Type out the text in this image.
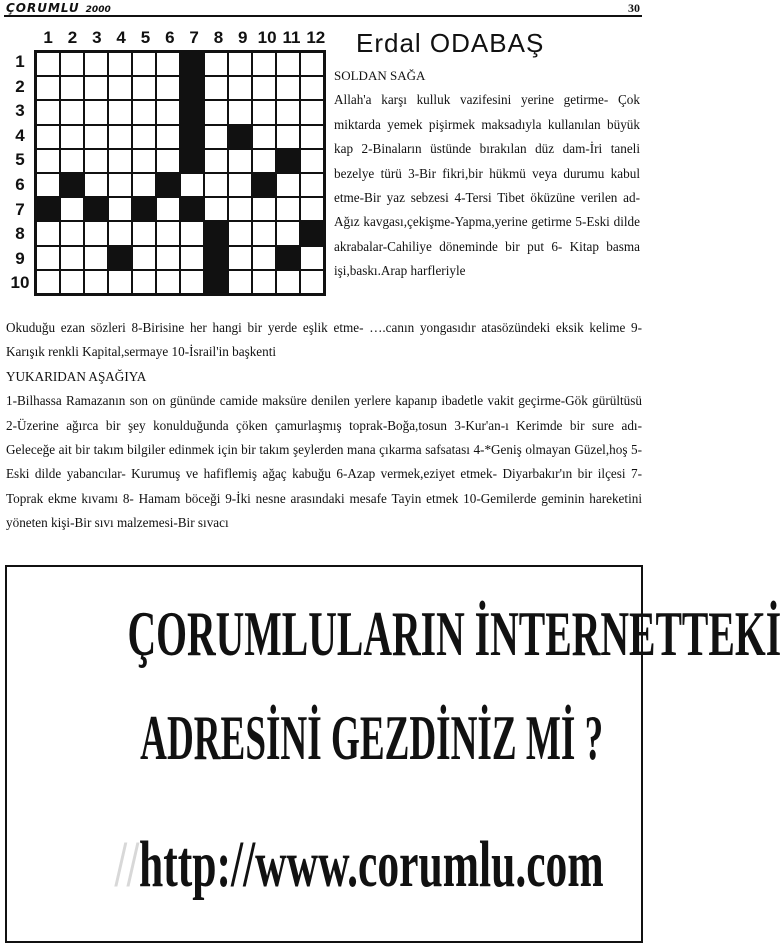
ÇORUMLU 2000	30
1 2 3 4 5 6 7 8 9 10 11 12
1
2
3
4
5
6
7
8
9
10
Erdal ODABAŞ
SOLDAN SAĞA
Allah'a karşı kulluk vazifesini yerine getirme- Çok miktarda yemek pişirmek maksadıyla kullanılan büyük kap 2-Binaların üstünde bırakılan düz dam-İri taneli bezelye türü 3-Bir fikri,bir hükmü veya durumu kabul etme-Bir yaz sebzesi 4-Tersi Tibet öküzüne verilen ad-Ağız kavgası,çekişme-Yapma,yerine getirme 5-Eski dilde akrabalar-Cahiliye döneminde bir put 6- Kitap basma işi,baskı.Arap harfleriyle

Okuduğu ezan sözleri 8-Birisine her hangi bir yerde eşlik etme- ….canın yongasıdır atasözündeki eksik kelime 9-Karışık renkli Kapital,sermaye 10-İsrail'in başkenti

YUKARIDAN AŞAĞIYA

1-Bilhassa Ramazanın son on gününde camide maksüre denilen yerlere kapanıp ibadetle vakit geçirme-Gök gürültüsü 2-Üzerine ağırca bir şey konulduğunda çöken çamurlaşmış toprak-Boğa,tosun 3-Kur'an-ı Kerimde bir sure adı- Geleceğe ait bir takım bilgiler edinmek için bir takım şeylerden mana çıkarma safsatası 4-*Geniş olmayan Güzel,hoş 5- Eski dilde yabancılar- Kurumuş ve hafiflemiş ağaç kabuğu 6-Azap vermek,eziyet etmek- Diyarbakır'ın bir ilçesi 7- Toprak ekme kıvamı 8- Hamam böceği 9-İki nesne arasındaki mesafe Tayin etmek 10-Gemilerde geminin hareketini yöneten kişi-Bir sıvı malzemesi-Bir sıvacı

ÇORUMLULARIN İNTERNETTEKİ
ADRESİNİ GEZDİNİZ Mİ ?
//http://www.corumlu.com
